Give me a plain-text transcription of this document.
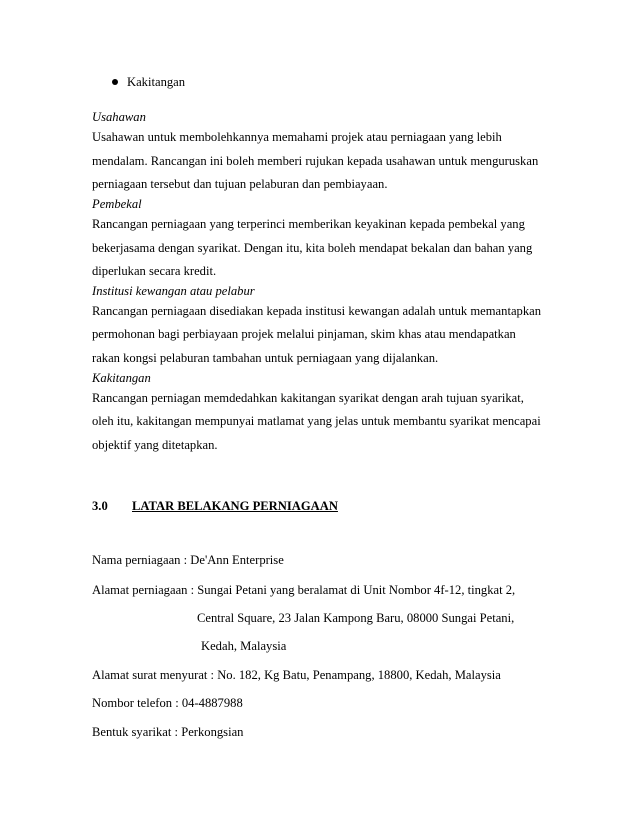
Kakitangan
Usahawan
Usahawan untuk membolehkannya memahami projek atau perniagaan yang lebih
mendalam. Rancangan ini boleh memberi rujukan kepada usahawan untuk menguruskan
perniagaan tersebut dan tujuan pelaburan dan pembiayaan.
Pembekal
Rancangan perniagaan yang terperinci memberikan keyakinan kepada pembekal yang
bekerjasama dengan syarikat. Dengan itu, kita boleh mendapat bekalan dan bahan yang
diperlukan secara kredit.
Institusi kewangan atau pelabur
Rancangan perniagaan disediakan kepada institusi kewangan adalah untuk memantapkan
permohonan bagi perbiayaan projek melalui pinjaman, skim khas atau mendapatkan
rakan kongsi pelaburan tambahan untuk perniagaan yang dijalankan.
Kakitangan
Rancangan perniagan memdedahkan kakitangan syarikat dengan arah tujuan syarikat,
oleh itu, kakitangan mempunyai matlamat yang jelas untuk membantu syarikat mencapai
objektif yang ditetapkan.
3.0 LATAR BELAKANG PERNIAGAAN
Nama perniagaan : De'Ann Enterprise
Alamat perniagaan : Sungai Petani yang beralamat di Unit Nombor 4f-12, tingkat 2,
Central Square, 23 Jalan Kampong Baru, 08000 Sungai Petani,
Kedah, Malaysia
Alamat surat menyurat : No. 182, Kg Batu, Penampang, 18800, Kedah, Malaysia
Nombor telefon : 04-4887988
Bentuk syarikat : Perkongsian
